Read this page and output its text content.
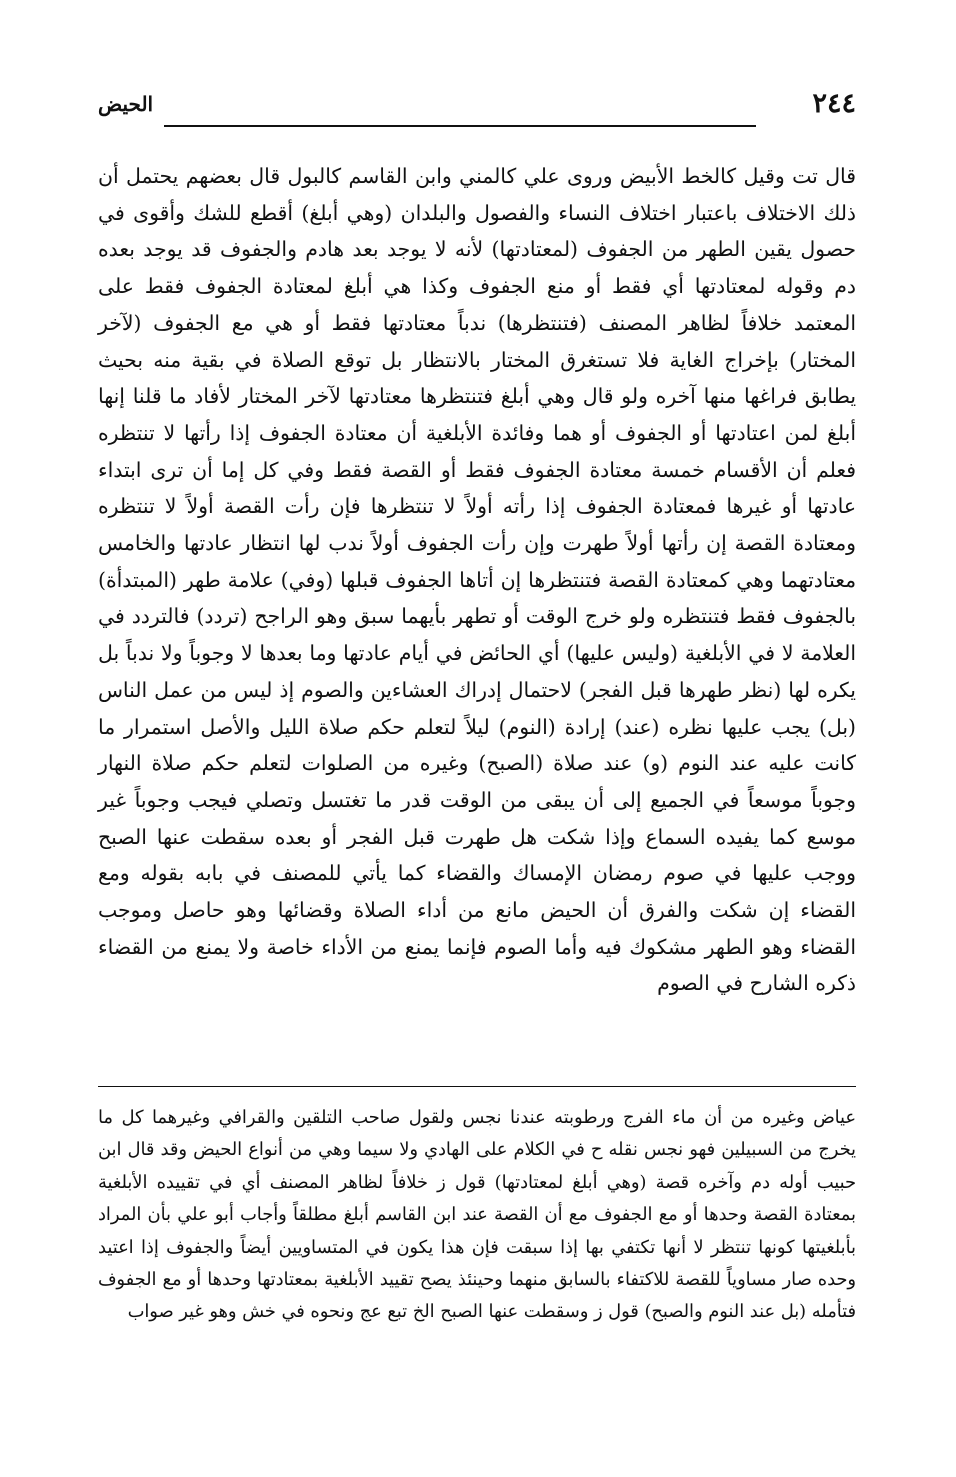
٢٤٤
الحيض

قال تت وقيل كالخط الأبيض وروى علي كالمني وابن القاسم كالبول قال بعضهم يحتمل أن ذلك الاختلاف باعتبار اختلاف النساء والفصول والبلدان (وهي أبلغ) أقطع للشك وأقوى في حصول يقين الطهر من الجفوف (لمعتادتها) لأنه لا يوجد بعد هادم والجفوف قد يوجد بعده دم وقوله لمعتادتها أي فقط أو منع الجفوف وكذا هي أبلغ لمعتادة الجفوف فقط على المعتمد خلافاً لظاهر المصنف (فتنتظرها) ندباً معتادتها فقط أو هي مع الجفوف (لآخر المختار) بإخراج الغاية فلا تستغرق المختار بالانتظار بل توقع الصلاة في بقية منه بحيث يطابق فراغها منها آخره ولو قال وهي أبلغ فتنتظرها معتادتها لآخر المختار لأفاد ما قلنا إنها أبلغ لمن اعتادتها أو الجفوف أو هما وفائدة الأبلغية أن معتادة الجفوف إذا رأتها لا تنتظره فعلم أن الأقسام خمسة معتادة الجفوف فقط أو القصة فقط وفي كل إما أن ترى ابتداء عادتها أو غيرها فمعتادة الجفوف إذا رأته أولاً لا تنتظرها فإن رأت القصة أولاً لا تنتظره ومعتادة القصة إن رأتها أولاً طهرت وإن رأت الجفوف أولاً ندب لها انتظار عادتها والخامس معتادتهما وهي كمعتادة القصة فتنتظرها إن أتاها الجفوف قبلها (وفي) علامة طهر (المبتدأة) بالجفوف فقط فتنتظره ولو خرج الوقت أو تطهر بأيهما سبق وهو الراجح (تردد) فالتردد في العلامة لا في الأبلغية (وليس عليها) أي الحائض في أيام عادتها وما بعدها لا وجوباً ولا ندباً بل يكره لها (نظر طهرها قبل الفجر) لاحتمال إدراك العشاءين والصوم إذ ليس من عمل الناس (بل) يجب عليها نظره (عند) إرادة (النوم) ليلاً لتعلم حكم صلاة الليل والأصل استمرار ما كانت عليه عند النوم (و) عند صلاة (الصبح) وغيره من الصلوات لتعلم حكم صلاة النهار وجوباً موسعاً في الجميع إلى أن يبقى من الوقت قدر ما تغتسل وتصلي فيجب وجوباً غير موسع كما يفيده السماع وإذا شكت هل طهرت قبل الفجر أو بعده سقطت عنها الصبح ووجب عليها في صوم رمضان الإمساك والقضاء كما يأتي للمصنف في بابه بقوله ومع القضاء إن شكت والفرق أن الحيض مانع من أداء الصلاة وقضائها وهو حاصل وموجب القضاء وهو الطهر مشكوك فيه وأما الصوم فإنما يمنع من الأداء خاصة ولا يمنع من القضاء ذكره الشارح في الصوم

عياض وغيره من أن ماء الفرج ورطوبته عندنا نجس ولقول صاحب التلقين والقرافي وغيرهما كل ما يخرج من السبيلين فهو نجس نقله ح في الكلام على الهادي ولا سيما وهي من أنواع الحيض وقد قال ابن حبيب أوله دم وآخره قصة (وهي أبلغ لمعتادتها) قول ز خلافاً لظاهر المصنف أي في تقييده الأبلغية بمعتادة القصة وحدها أو مع الجفوف مع أن القصة عند ابن القاسم أبلغ مطلقاً وأجاب أبو علي بأن المراد بأبلغيتها كونها تنتظر لا أنها تكتفي بها إذا سبقت فإن هذا يكون في المتساويين أيضاً والجفوف إذا اعتيد وحده صار مساوياً للقصة للاكتفاء بالسابق منهما وحينئذ يصح تقييد الأبلغية بمعتادتها وحدها أو مع الجفوف فتأمله (بل عند النوم والصبح) قول ز وسقطت عنها الصبح الخ تبع عج ونحوه في خش وهو غير صواب
